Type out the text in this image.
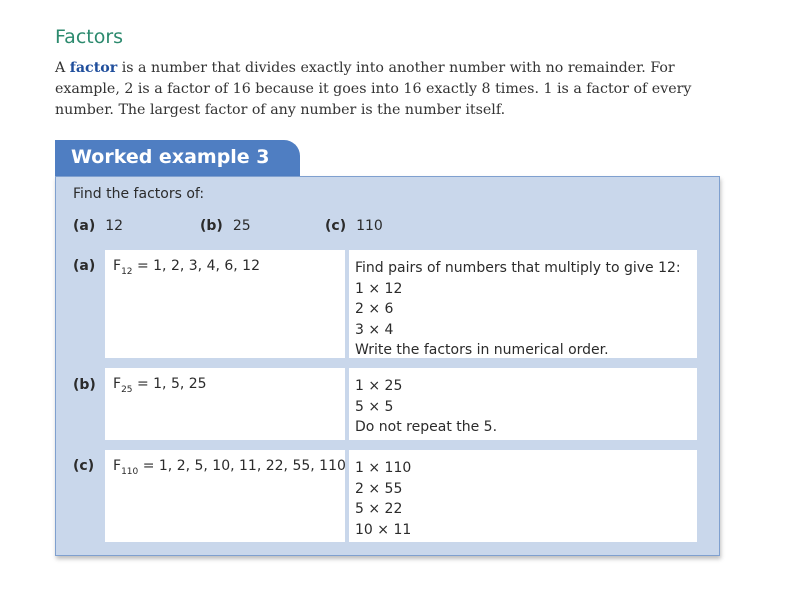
Factors
A factor is a number that divides exactly into another number with no remainder. For example, 2 is a factor of 16 because it goes into 16 exactly 8 times. 1 is a factor of every number. The largest factor of any number is the number itself.
Worked example 3
Find the factors of:
(a) 12	(b) 25	(c) 110
(a) $F_{12} = 1$, 2, 3, 4, 6, 12	Find pairs of numbers that multiply to give 12:
1 × 12
2 × 6
3 × 4
Write the factors in numerical order.
(b) $F_{25} = 1$, 5, 25	1 × 25
5 × 5
Do not repeat the 5.
(c) $F_{110} = 1$, 2, 5, 10, 11, 22, 55, 110 1 × 110
2 × 55
5 × 22
10 × 11
